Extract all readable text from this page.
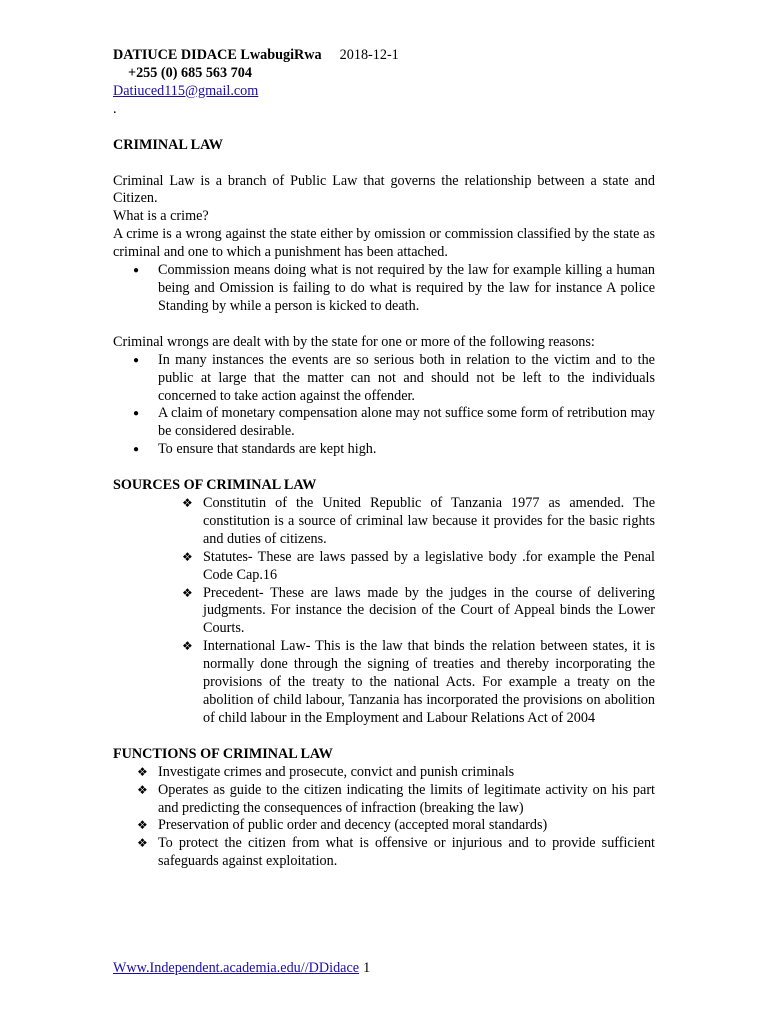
DATIUCE DIDACE LwabugiRwa 2018-12-1
+255 (0) 685 563 704
Datiuced115@gmail.com
.
CRIMINAL LAW

Criminal Law is a branch of Public Law that governs the relationship between a state and Citizen.

What is a crime?

A crime is a wrong against the state either by omission or commission classified by the state as criminal and one to which a punishment has been attached.

● Commission means doing what is not required by the law for example killing a human being and Omission is failing to do what is required by the law for instance A police Standing by while a person is kicked to death.

Criminal wrongs are dealt with by the state for one or more of the following reasons:

● In many instances the events are so serious both in relation to the victim and to the public at large that the matter can not and should not be left to the individuals concerned to take action against the offender.
● A claim of monetary compensation alone may not suffice some form of retribution may be considered desirable.
● To ensure that standards are kept high.
SOURCES OF CRIMINAL LAW
❖ Constitutin of the United Republic of Tanzania 1977 as amended. The constitution is a source of criminal law because it provides for the basic rights and duties of citizens.
❖ Statutes- These are laws passed by a legislative body .for example the Penal Code Cap.16
❖ Precedent- These are laws made by the judges in the course of delivering judgments. For instance the decision of the Court of Appeal binds the Lower Courts.
❖ International Law- This is the law that binds the relation between states, it is normally done through the signing of treaties and thereby incorporating the provisions of the treaty to the national Acts. For example a treaty on the abolition of child labour, Tanzania has incorporated the provisions on abolition of child labour in the Employment and Labour Relations Act of 2004
FUNCTIONS OF CRIMINAL LAW
❖ Investigate crimes and prosecute, convict and punish criminals
❖ Operates as guide to the citizen indicating the limits of legitimate activity on his part and predicting the consequences of infraction (breaking the law)
❖ Preservation of public order and decency (accepted moral standards)
❖ To protect the citizen from what is offensive or injurious and to provide sufficient safeguards against exploitation.
Www.Independent.academia.edu//DDidace 1
